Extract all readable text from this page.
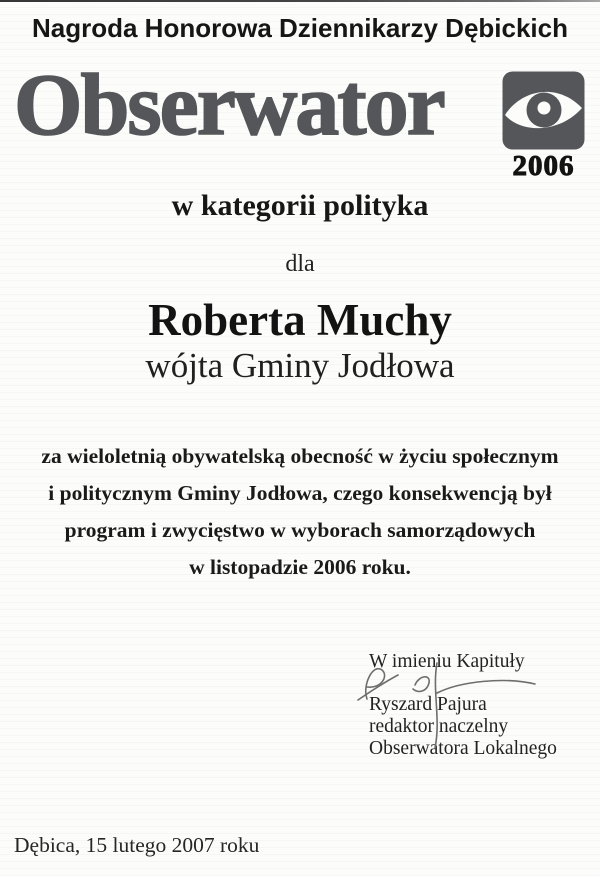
Nagroda Honorowa Dziennikarzy Dębickich
Obserwator
2006
w kategorii polityka
dla
Roberta Muchy
wójta Gminy Jodłowa
za wieloletnią obywatelską obecność w życiu społecznym
i politycznym Gminy Jodłowa, czego konsekwencją był
program i zwycięstwo w wyborach samorządowych
w listopadzie 2006 roku.
W imieniu Kapituły
Ryszard Pajura
redaktor naczelny
Obserwatora Lokalnego
Dębica, 15 lutego 2007 roku
